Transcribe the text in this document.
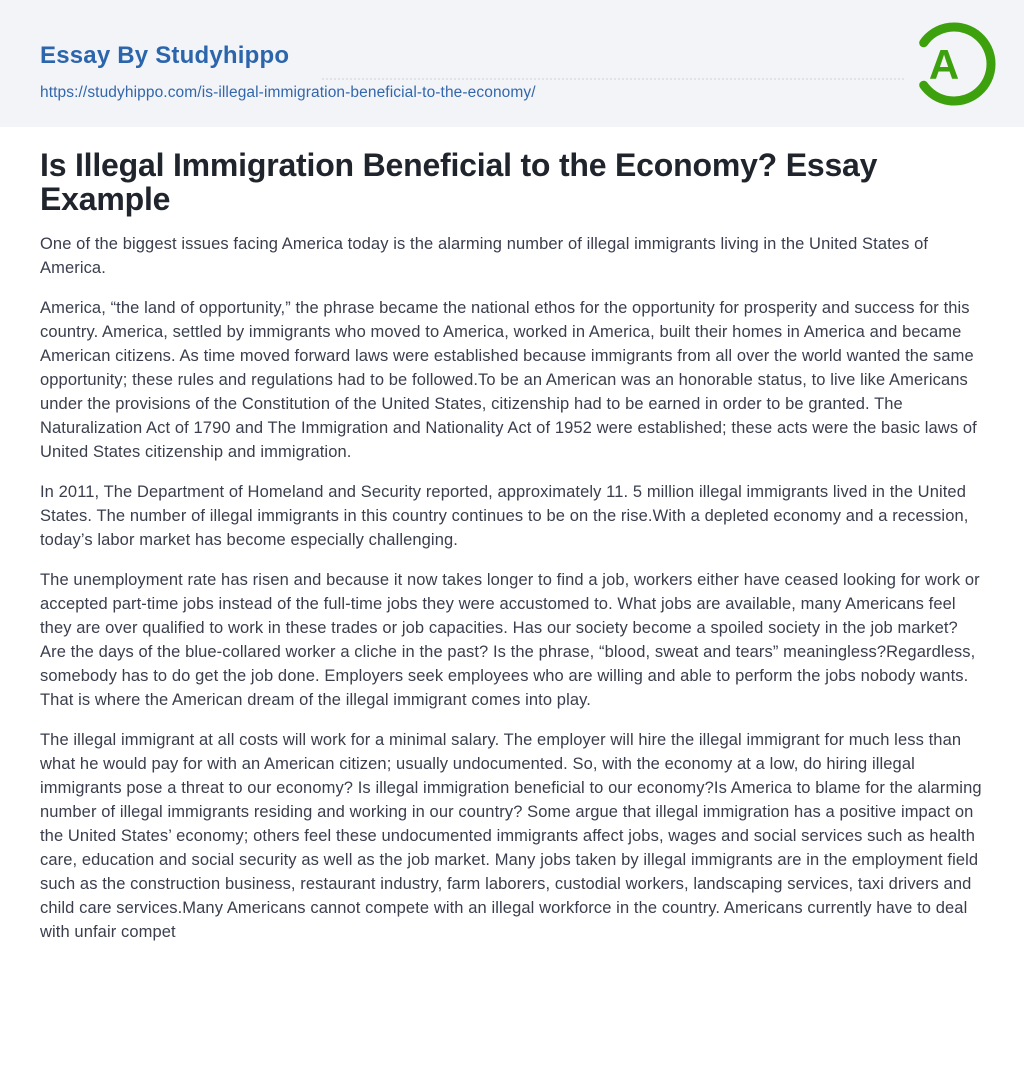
Essay By Studyhippo
https://studyhippo.com/is-illegal-immigration-beneficial-to-the-economy/
A
Is Illegal Immigration Beneficial to the Economy? Essay Example

One of the biggest issues facing America today is the alarming number of illegal immigrants living in the United States of America.

America, “the land of opportunity,” the phrase became the national ethos for the opportunity for prosperity and success for this country. America, settled by immigrants who moved to America, worked in America, built their homes in America and became American citizens. As time moved forward laws were established because immigrants from all over the world wanted the same opportunity; these rules and regulations had to be followed.To be an American was an honorable status, to live like Americans under the provisions of the Constitution of the United States, citizenship had to be earned in order to be granted. The Naturalization Act of 1790 and The Immigration and Nationality Act of 1952 were established; these acts were the basic laws of United States citizenship and immigration.

In 2011, The Department of Homeland and Security reported, approximately 11. 5 million illegal immigrants lived in the United States. The number of illegal immigrants in this country continues to be on the rise.With a depleted economy and a recession, today’s labor market has become especially challenging.

The unemployment rate has risen and because it now takes longer to find a job, workers either have ceased looking for work or accepted part-time jobs instead of the full-time jobs they were accustomed to. What jobs are available, many Americans feel they are over qualified to work in these trades or job capacities. Has our society become a spoiled society in the job market? Are the days of the blue-collared worker a cliche in the past? Is the phrase, “blood, sweat and tears” meaningless?Regardless, somebody has to do get the job done. Employers seek employees who are willing and able to perform the jobs nobody wants. That is where the American dream of the illegal immigrant comes into play.

The illegal immigrant at all costs will work for a minimal salary. The employer will hire the illegal immigrant for much less than what he would pay for with an American citizen; usually undocumented. So, with the economy at a low, do hiring illegal immigrants pose a threat to our economy? Is illegal immigration beneficial to our economy?Is America to blame for the alarming number of illegal immigrants residing and working in our country? Some argue that illegal immigration has a positive impact on the United States’ economy; others feel these undocumented immigrants affect jobs, wages and social services such as health care, education and social security as well as the job market. Many jobs taken by illegal immigrants are in the employment field such as the construction business, restaurant industry, farm laborers, custodial workers, landscaping services, taxi drivers and child care services.Many Americans cannot compete with an illegal workforce in the country. Americans currently have to deal with unfair compet
